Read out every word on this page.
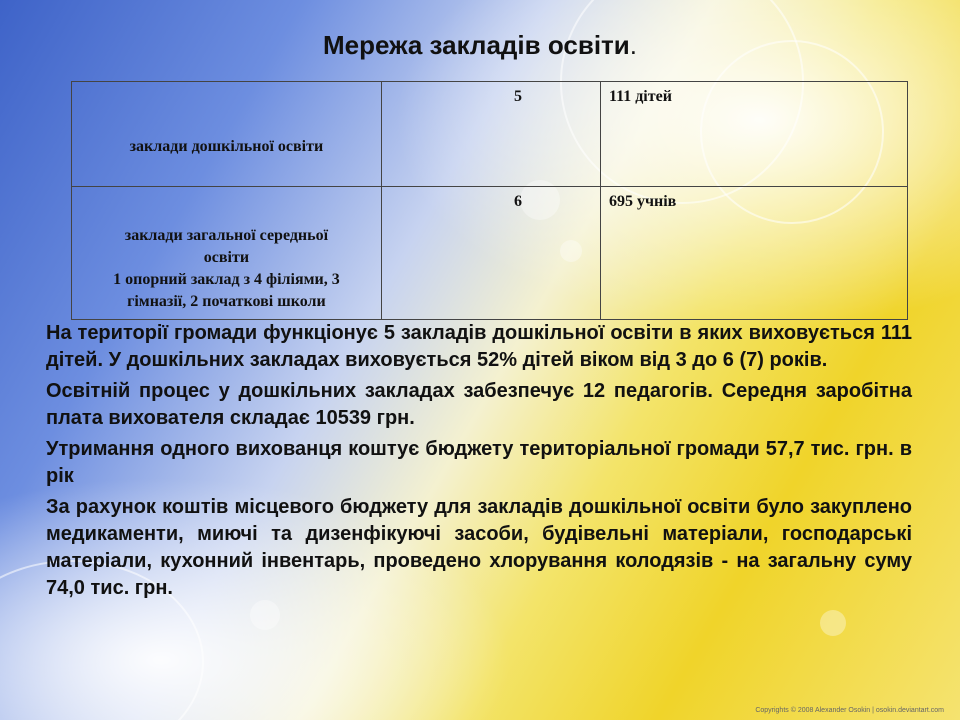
Мережа закладів освіти.
заклади дошкільної освіти	5	111 дітей
заклади загальної середньої
освіти
1 опорний заклад з 4 філіями, 3
гімназії, 2 початкові школи	6	695 учнів

На території громади функціонує 5 закладів дошкільної освіти в яких виховується 111 дітей. У дошкільних закладах виховується 52% дітей віком від 3 до 6 (7) років.

Освітній процес у дошкільних закладах забезпечує 12 педагогів. Середня заробітна плата вихователя складає 10539 грн.

Утримання одного вихованця коштує бюджету територіальної громади 57,7 тис. грн. в рік

За рахунок коштів місцевого бюджету для закладів дошкільної освіти було закуплено медикаменти, миючі та дизенфікуючі засоби, будівельні матеріали, господарські матеріали, кухонний інвентарь, проведено хлорування колодязів - на загальну суму 74,0 тис. грн.

Copyrights © 2008 Alexander Osokin | osokin.deviantart.com
